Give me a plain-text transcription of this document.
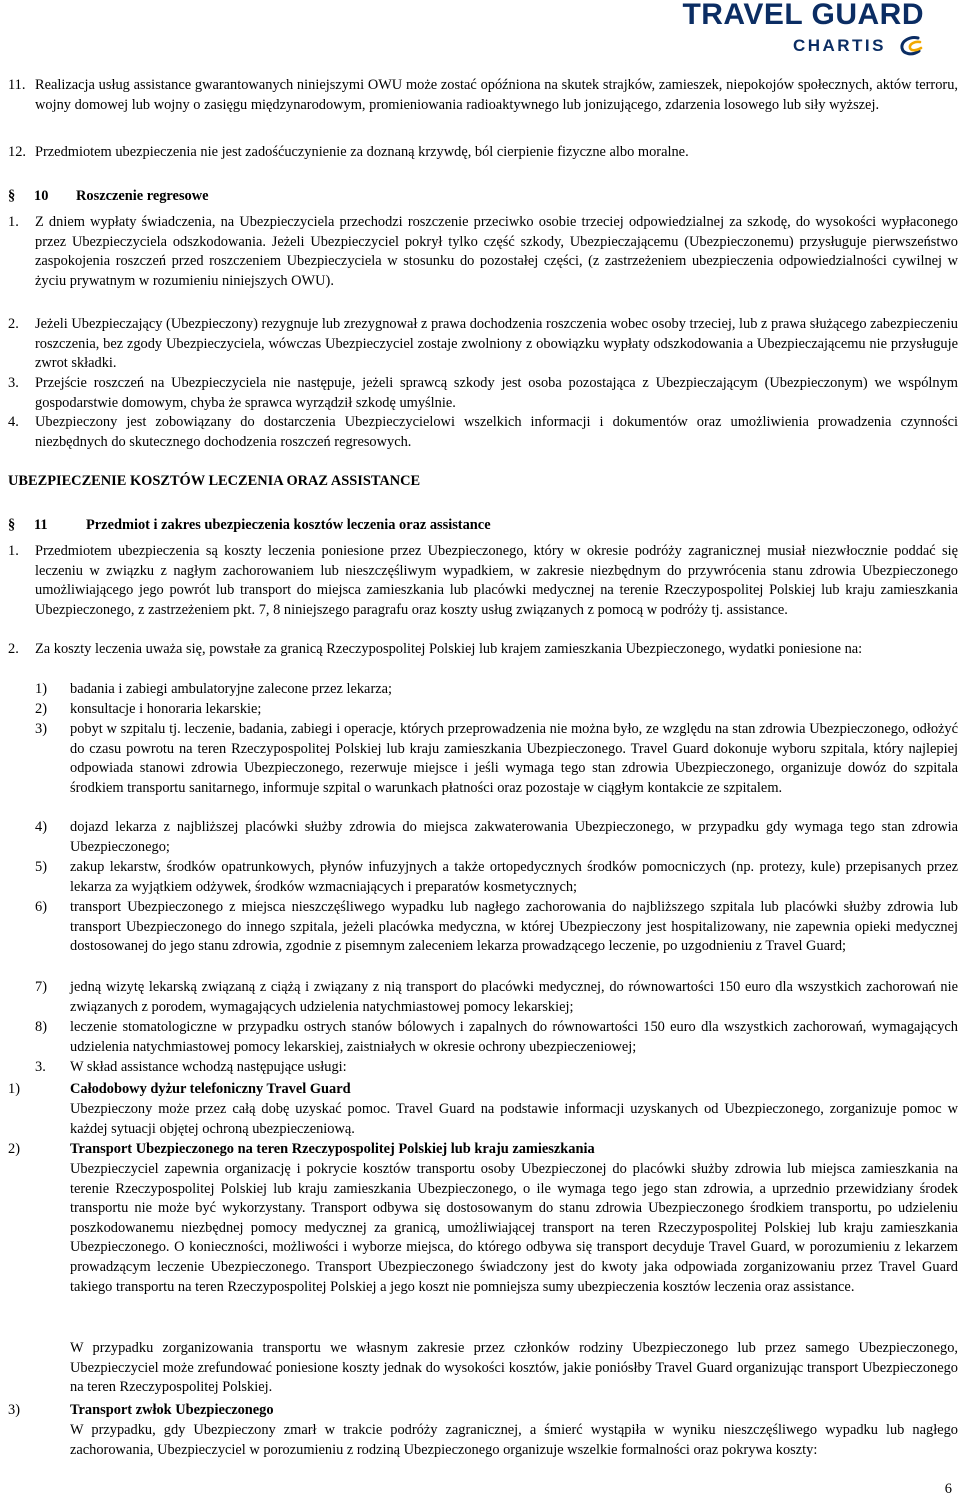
TRAVEL GUARD
CHARTIS
11. Realizacja usług assistance gwarantowanych niniejszymi OWU może zostać opóźniona na skutek strajków, zamieszek, niepokojów społecznych, aktów terroru, wojny domowej lub wojny o zasięgu międzynarodowym, promieniowania radioaktywnego lub jonizującego, zdarzenia losowego lub siły wyższej.
12. Przedmiotem ubezpieczenia nie jest zadośćuczynienie za doznaną krzywdę, ból cierpienie fizyczne albo moralne.
§ 10 Roszczenie regresowe
1.	Z dniem wypłaty świadczenia, na Ubezpieczyciela przechodzi roszczenie przeciwko osobie trzeciej odpowiedzialnej za szkodę, do wysokości wypłaconego przez Ubezpieczyciela odszkodowania. Jeżeli Ubezpieczyciel pokrył tylko część szkody, Ubezpieczającemu (Ubezpieczonemu) przysługuje pierwszeństwo zaspokojenia roszczeń przed roszczeniem Ubezpieczyciela w stosunku do pozostałej części, (z zastrzeżeniem ubezpieczenia odpowiedzialności cywilnej w życiu prywatnym w rozumieniu niniejszych OWU).
2.	Jeżeli Ubezpieczający (Ubezpieczony) rezygnuje lub zrezygnował z prawa dochodzenia roszczenia wobec osoby trzeciej, lub z prawa służącego zabezpieczeniu roszczenia, bez zgody Ubezpieczyciela, wówczas Ubezpieczyciel zostaje zwolniony z obowiązku wypłaty odszkodowania a Ubezpieczającemu nie przysługuje zwrot składki.
3.	Przejście roszczeń na Ubezpieczyciela nie następuje, jeżeli sprawcą szkody jest osoba pozostająca z Ubezpieczającym (Ubezpieczonym) we wspólnym gospodarstwie domowym, chyba że sprawca wyrządził szkodę umyślnie.
4.	Ubezpieczony jest zobowiązany do dostarczenia Ubezpieczycielowi wszelkich informacji i dokumentów oraz umożliwienia prowadzenia czynności niezbędnych do skutecznego dochodzenia roszczeń regresowych.
UBEZPIECZENIE KOSZTÓW LECZENIA ORAZ ASSISTANCE
§ 11	Przedmiot i zakres ubezpieczenia kosztów leczenia oraz assistance
1.	Przedmiotem ubezpieczenia są koszty leczenia poniesione przez Ubezpieczonego, który w okresie podróży zagranicznej musiał niezwłocznie poddać się leczeniu w związku z nagłym zachorowaniem lub nieszczęśliwym wypadkiem, w zakresie niezbędnym do przywrócenia stanu zdrowia Ubezpieczonego umożliwiającego jego powrót lub transport do miejsca zamieszkania lub placówki medycznej na terenie Rzeczypospolitej Polskiej lub kraju zamieszkania Ubezpieczonego, z zastrzeżeniem pkt. 7, 8 niniejszego paragrafu oraz koszty usług związanych z pomocą w podróży tj. assistance.
2.	Za koszty leczenia uważa się, powstałe za granicą Rzeczypospolitej Polskiej lub krajem zamieszkania Ubezpieczonego, wydatki poniesione na:
1)	badania i zabiegi ambulatoryjne zalecone przez lekarza;
2)	konsultacje i honoraria lekarskie;
3)	pobyt w szpitalu tj. leczenie, badania, zabiegi i operacje, których przeprowadzenia nie można było, ze względu na stan zdrowia Ubezpieczonego, odłożyć do czasu powrotu na teren Rzeczypospolitej Polskiej lub kraju zamieszkania Ubezpieczonego. Travel Guard dokonuje wyboru szpitala, który najlepiej odpowiada stanowi zdrowia Ubezpieczonego, rezerwuje miejsce i jeśli wymaga tego stan zdrowia Ubezpieczonego, organizuje dowóz do szpitala środkiem transportu sanitarnego, informuje szpital o warunkach płatności oraz pozostaje w ciągłym kontakcie ze szpitalem.
4)	dojazd lekarza z najbliższej placówki służby zdrowia do miejsca zakwaterowania Ubezpieczonego, w przypadku gdy wymaga tego stan zdrowia Ubezpieczonego;
5)	zakup lekarstw, środków opatrunkowych, płynów infuzyjnych a także ortopedycznych środków pomocniczych (np. protezy, kule) przepisanych przez lekarza za wyjątkiem odżywek, środków wzmacniających i preparatów kosmetycznych;
6)	transport Ubezpieczonego z miejsca nieszczęśliwego wypadku lub nagłego zachorowania do najbliższego szpitala lub placówki służby zdrowia lub transport Ubezpieczonego do innego szpitala, jeżeli placówka medyczna, w której Ubezpieczony jest hospitalizowany, nie zapewnia opieki medycznej dostosowanej do jego stanu zdrowia, zgodnie z pisemnym zaleceniem lekarza prowadzącego leczenie, po uzgodnieniu z Travel Guard;
7)	jedną wizytę lekarską związaną z ciążą i związany z nią transport do placówki medycznej, do równowartości 150 euro dla wszystkich zachorowań nie związanych z porodem, wymagających udzielenia natychmiastowej pomocy lekarskiej;
8)	leczenie stomatologiczne w przypadku ostrych stanów bólowych i zapalnych do równowartości 150 euro dla wszystkich zachorowań, wymagających udzielenia natychmiastowej pomocy lekarskiej, zaistniałych w okresie ochrony ubezpieczeniowej;
3.	W skład assistance wchodzą następujące usługi:
1)	Całodobowy dyżur telefoniczny Travel Guard
Ubezpieczony może przez całą dobę uzyskać pomoc. Travel Guard na podstawie informacji uzyskanych od Ubezpieczonego, zorganizuje pomoc w każdej sytuacji objętej ochroną ubezpieczeniową.
2)	Transport Ubezpieczonego na teren Rzeczypospolitej Polskiej lub kraju zamieszkania
Ubezpieczyciel zapewnia organizację i pokrycie kosztów transportu osoby Ubezpieczonej do placówki służby zdrowia lub miejsca zamieszkania na terenie Rzeczypospolitej Polskiej lub kraju zamieszkania Ubezpieczonego, o ile wymaga tego jego stan zdrowia, a uprzednio przewidziany środek transportu nie może być wykorzystany. Transport odbywa się dostosowanym do stanu zdrowia Ubezpieczonego środkiem transportu, po udzieleniu poszkodowanemu niezbędnej pomocy medycznej za granicą, umożliwiającej transport na teren Rzeczypospolitej Polskiej lub kraju zamieszkania Ubezpieczonego. O konieczności, możliwości i wyborze miejsca, do którego odbywa się transport decyduje Travel Guard, w porozumieniu z lekarzem prowadzącym leczenie Ubezpieczonego. Transport Ubezpieczonego świadczony jest do kwoty jaka odpowiada zorganizowaniu przez Travel Guard takiego transportu na teren Rzeczypospolitej Polskiej a jego koszt nie pomniejsza sumy ubezpieczenia kosztów leczenia oraz assistance.
W przypadku zorganizowania transportu we własnym zakresie przez członków rodziny Ubezpieczonego lub przez samego Ubezpieczonego, Ubezpieczyciel może zrefundować poniesione koszty jednak do wysokości kosztów, jakie poniósłby Travel Guard organizując transport Ubezpieczonego na teren Rzeczypospolitej Polskiej.
3)	Transport zwłok Ubezpieczonego
W przypadku, gdy Ubezpieczony zmarł w trakcie podróży zagranicznej, a śmierć wystąpiła w wyniku nieszczęśliwego wypadku lub nagłego zachorowania, Ubezpieczyciel w porozumieniu z rodziną Ubezpieczonego organizuje wszelkie formalności oraz pokrywa koszty:
6
